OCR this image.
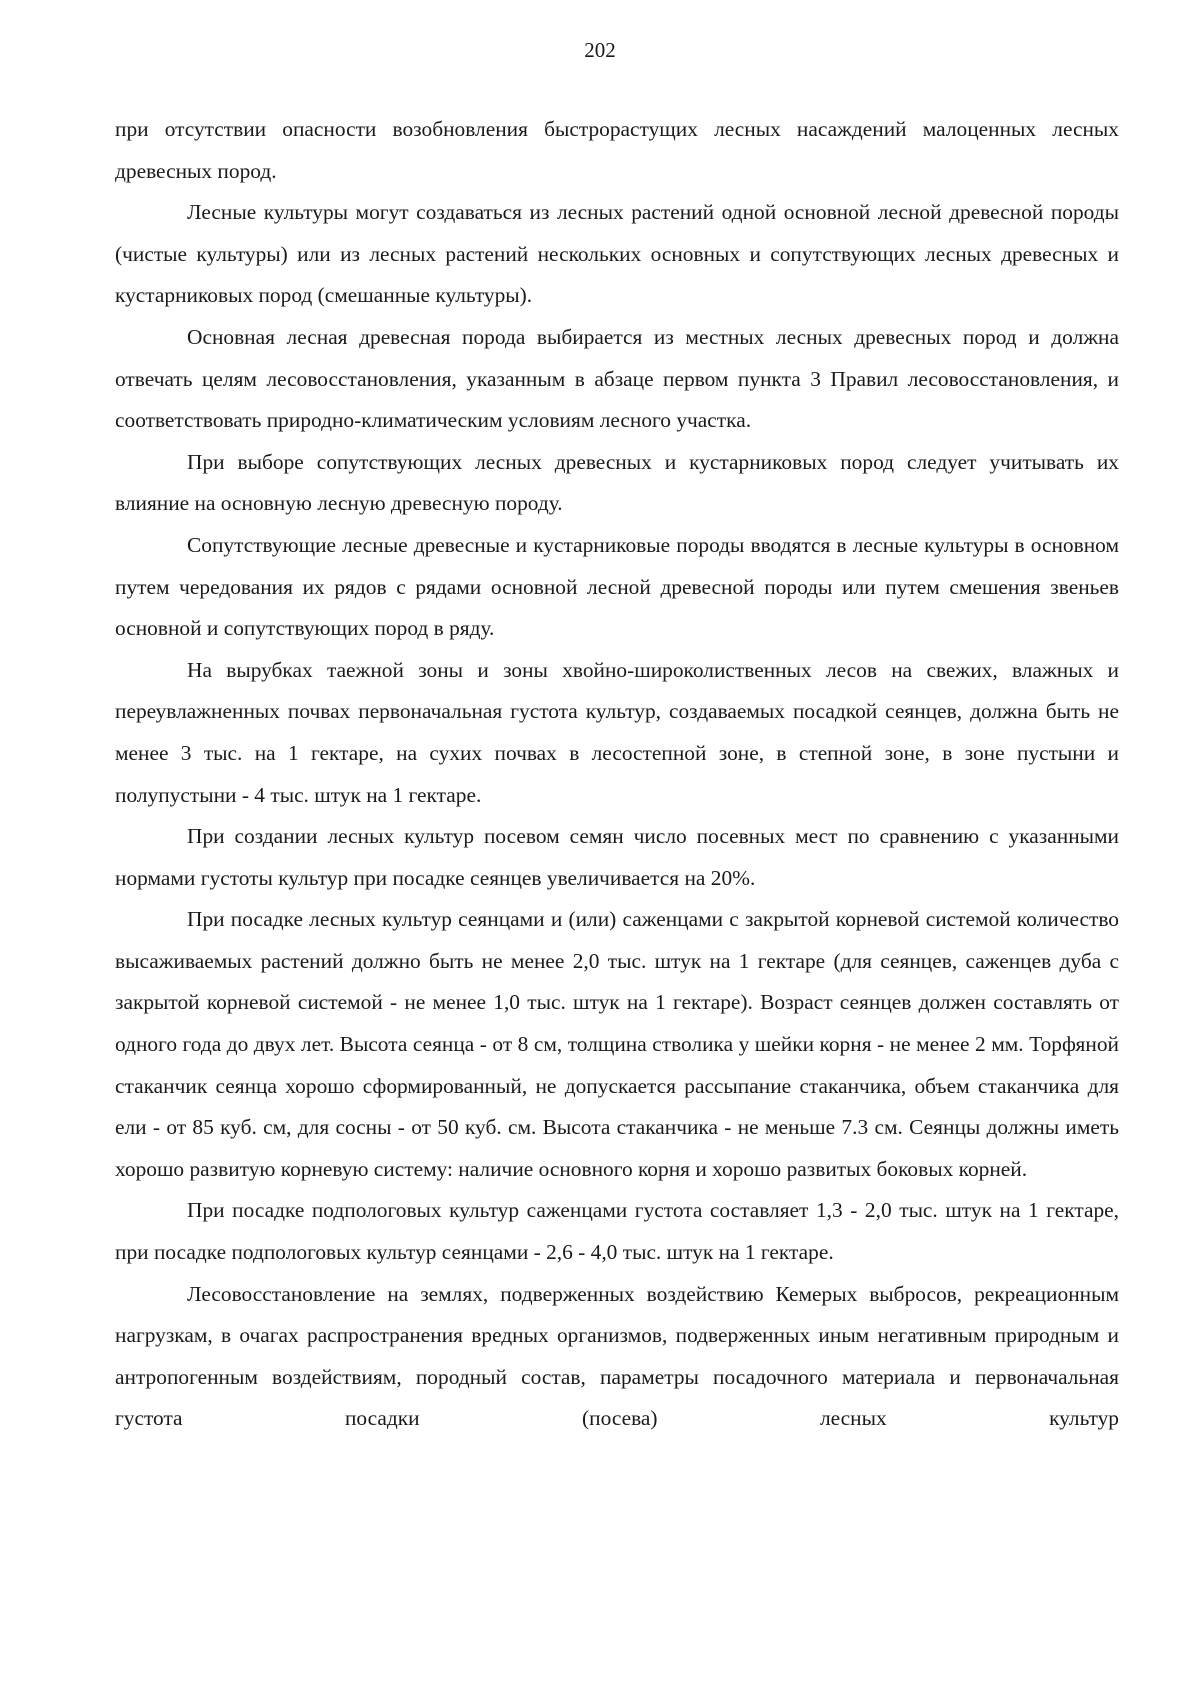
202

при отсутствии опасности возобновления быстрорастущих лесных насаждений малоценных лесных древесных пород.

Лесные культуры могут создаваться из лесных растений одной основной лесной древесной породы (чистые культуры) или из лесных растений нескольких основных и сопутствующих лесных древесных и кустарниковых пород (смешанные культуры).

Основная лесная древесная порода выбирается из местных лесных древесных пород и должна отвечать целям лесовосстановления, указанным в абзаце первом пункта 3 Правил лесовосстановления, и соответствовать природно-климатическим условиям лесного участка.

При выборе сопутствующих лесных древесных и кустарниковых пород следует учитывать их влияние на основную лесную древесную породу.

Сопутствующие лесные древесные и кустарниковые породы вводятся в лесные культуры в основном путем чередования их рядов с рядами основной лесной древесной породы или путем смешения звеньев основной и сопутствующих пород в ряду.

На вырубках таежной зоны и зоны хвойно-широколиственных лесов на свежих, влажных и переувлажненных почвах первоначальная густота культур, создаваемых посадкой сеянцев, должна быть не менее 3 тыс. на 1 гектаре, на сухих почвах в лесостепной зоне, в степной зоне, в зоне пустыни и полупустыни - 4 тыс. штук на 1 гектаре.

При создании лесных культур посевом семян число посевных мест по сравнению с указанными нормами густоты культур при посадке сеянцев увеличивается на 20%.

При посадке лесных культур сеянцами и (или) саженцами с закрытой корневой системой количество высаживаемых растений должно быть не менее 2,0 тыс. штук на 1 гектаре (для сеянцев, саженцев дуба с закрытой корневой системой - не менее 1,0 тыс. штук на 1 гектаре). Возраст сеянцев должен составлять от одного года до двух лет. Высота сеянца - от 8 см, толщина стволика у шейки корня - не менее 2 мм. Торфяной стаканчик сеянца хорошо сформированный, не допускается рассыпание стаканчика, объем стаканчика для ели - от 85 куб. см, для сосны - от 50 куб. см. Высота стаканчика - не меньше 7.3 см. Сеянцы должны иметь хорошо развитую корневую систему: наличие основного корня и хорошо развитых боковых корней.

При посадке подпологовых культур саженцами густота составляет 1,3 - 2,0 тыс. штук на 1 гектаре, при посадке подпологовых культур сеянцами - 2,6 - 4,0 тыс. штук на 1 гектаре.

Лесовосстановление на землях, подверженных воздействию Кемерых выбросов, рекреационным нагрузкам, в очагах распространения вредных организмов, подверженных иным негативным природным и антропогенным воздействиям, породный состав, параметры посадочного материала и первоначальная густота посадки (посева) лесных культур
